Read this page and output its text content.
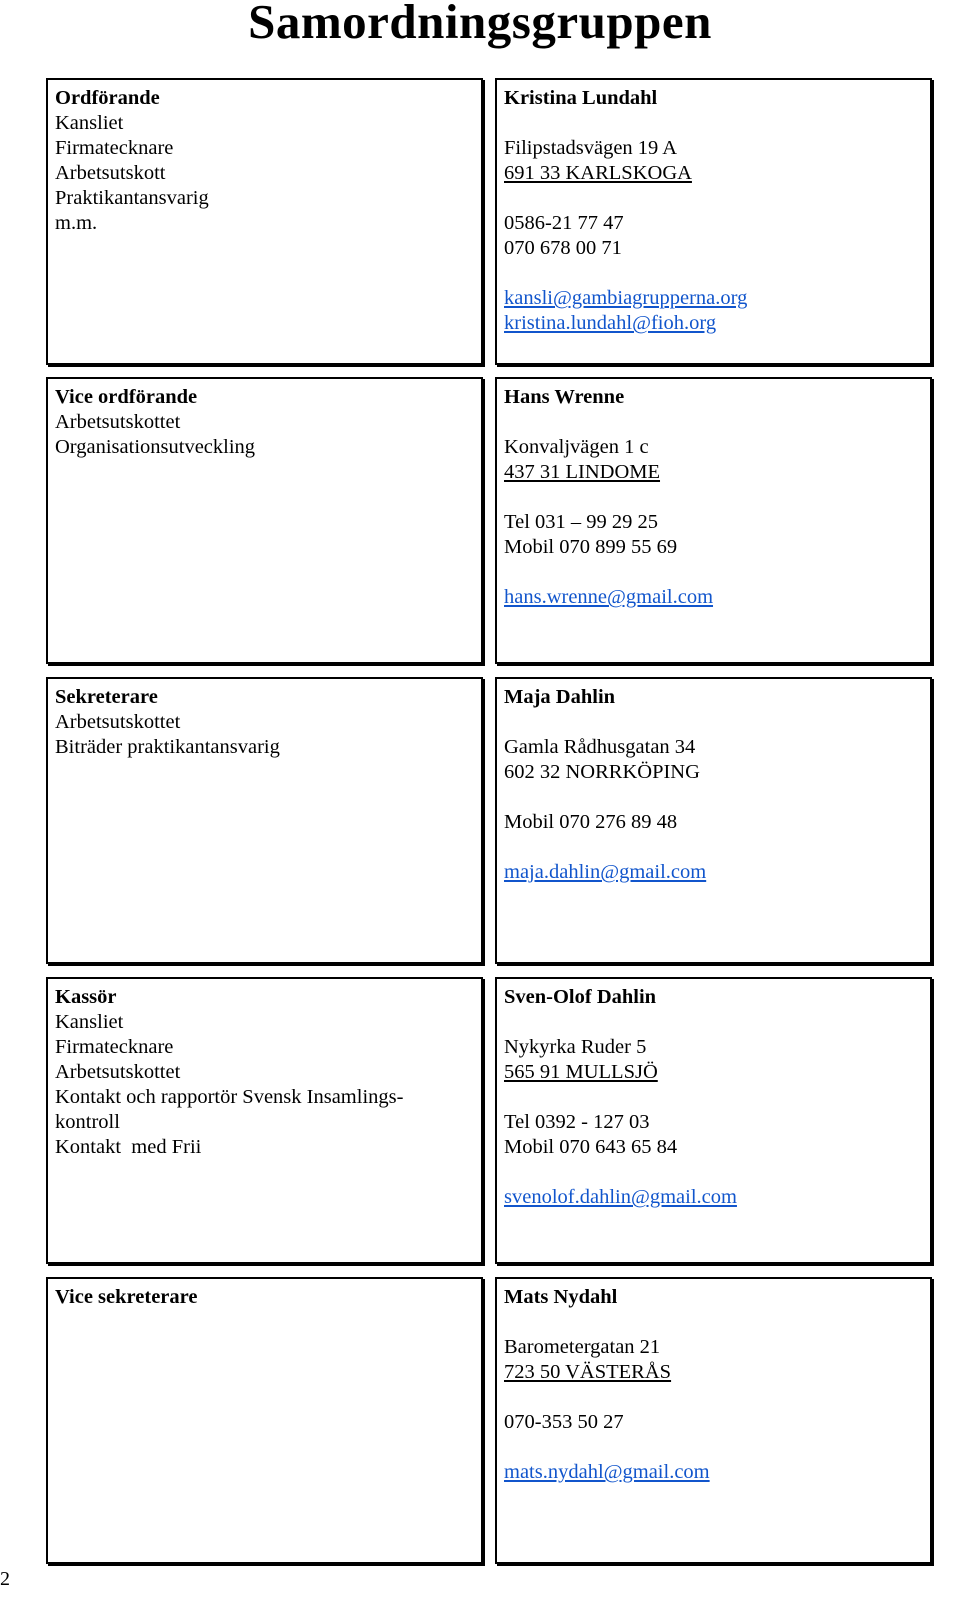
Samordningsgruppen
Ordförande
Kansliet
Firmatecknare
Arbetsutskott
Praktikantansvarig
m.m.
Kristina Lundahl
Filipstadsvägen 19 A
691 33 KARLSKOGA
0586-21 77 47
070 678 00 71
kansli@gambiagrupperna.org
kristina.lundahl@fioh.org
Vice ordförande
Arbetsutskottet
Organisationsutveckling
Hans Wrenne
Konvaljvägen 1 c
437 31 LINDOME
Tel 031 – 99 29 25
Mobil 070 899 55 69
hans.wrenne@gmail.com
Sekreterare
Arbetsutskottet
Biträder praktikantansvarig
Maja Dahlin
Gamla Rådhusgatan 34
602 32 NORRKÖPING
Mobil 070 276 89 48
maja.dahlin@gmail.com
Kassör
Kansliet
Firmatecknare
Arbetsutskottet
Kontakt och rapportör Svensk Insamlings-
kontroll
Kontakt  med Frii
Sven-Olof Dahlin
Nykyrka Ruder 5
565 91 MULLSJÖ
Tel 0392 - 127 03
Mobil 070 643 65 84
svenolof.dahlin@gmail.com
Vice sekreterare	Mats Nydahl
Barometergatan 21
723 50 VÄSTERÅS
070-353 50 27
mats.nydahl@gmail.com
2
